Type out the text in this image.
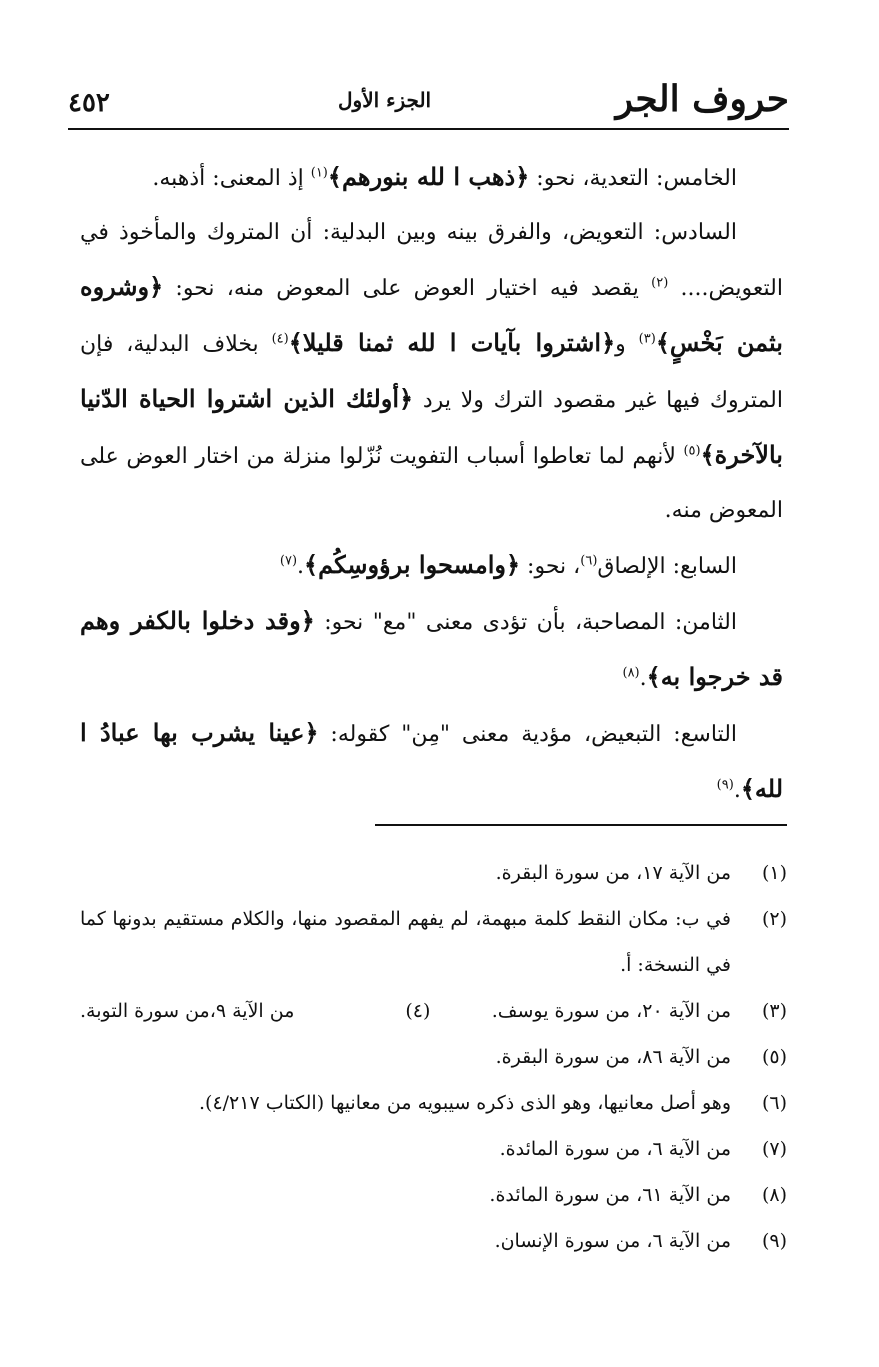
حروف الجر
الجزء الأول
٤٥٢

الخامس: التعدية، نحو: ﴿ذهب ا لله بنورهم﴾$^{(١)}$ إذ المعنى: أذهبه.

السادس: التعويض، والفرق بينه وبين البدلية: أن المتروك والمأخوذ في التعويض.... $^{(٢)}$ يقصد فيه اختيار العوض على المعوض منه، نحو: ﴿وشروه بثمن بَخْسٍ﴾$^{(٣)}$ و﴿اشتروا بآيات ا لله ثمنا قليلا﴾$^{(٤)}$ بخلاف البدلية، فإن المتروك فيها غير مقصود الترك ولا يرد ﴿أولئك الذين اشتروا الحياة الدّنيا بالآخرة﴾$^{(٥)}$ لأنهم لما تعاطوا أسباب التفويت نُزّلوا منزلة من اختار العوض على المعوض منه.

السابع: الإلصاق$^{(٦)}$، نحو: ﴿وامسحوا برؤوسِكُم﴾.$^{(٧)}$

الثامن: المصاحبة، بأن تؤدى معنى "مع" نحو: ﴿وقد دخلوا بالكفر وهم قد خرجوا به﴾.$^{(٨)}$

التاسع: التبعيض، مؤدية معنى "مِن" كقوله: ﴿عينا يشرب بها عبادُ ا لله﴾.$^{(٩)}$

(١)
من الآية ١٧، من سورة البقرة.
(٢)
في ب: مكان النقط كلمة مبهمة، لم يفهم المقصود منها، والكلام مستقيم بدونها كما في النسخة: أ.
(٣)
من الآية ٢٠، من سورة يوسف.
(٤)
من الآية ٩،من سورة التوبة.
(٥)
من الآية ٨٦، من سورة البقرة.
(٦)
وهو أصل معانيها، وهو الذى ذكره سيبويه من معانيها (الكتاب ٤/٢١٧).
(٧)
من الآية ٦، من سورة المائدة.
(٨)
من الآية ٦١، من سورة المائدة.
(٩)
من الآية ٦، من سورة الإنسان.
